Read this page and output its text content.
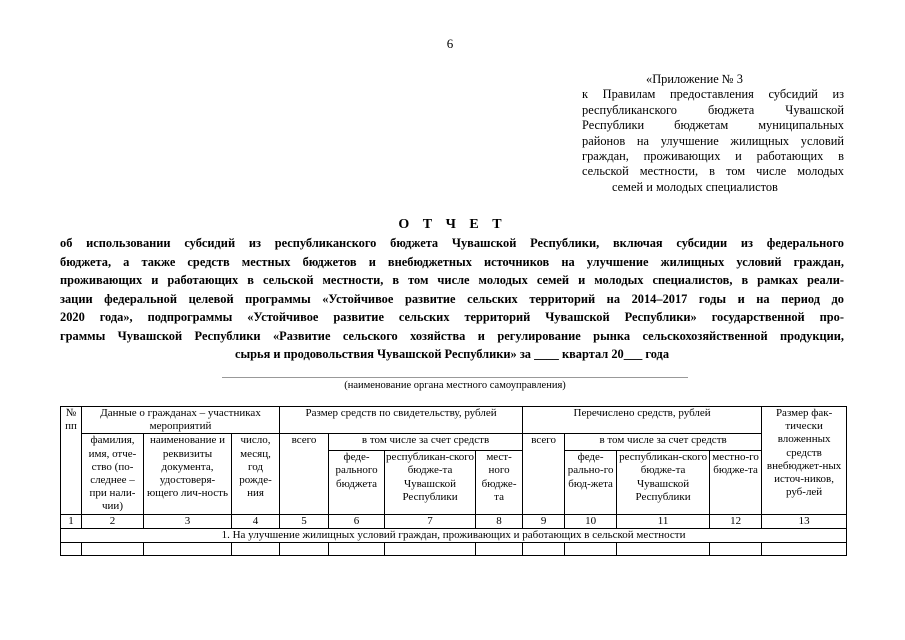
6
«Приложение № 3
к Правилам предоставления субсидий из
республиканского бюджета Чувашской
Республики бюджетам муниципальных
районов на улучшение жилищных условий
граждан, проживающих и работающих в
сельской местности, в том числе молодых
семей и молодых специалистов
О Т Ч Е Т
об использовании субсидий из республиканского бюджета Чувашской Республики, включая субсидии из федерального
бюджета, а также средств местных бюджетов и внебюджетных источников на улучшение жилищных условий граждан,
проживающих и работающих в сельской местности, в том числе молодых семей и молодых специалистов, в рамках реали-
зации федеральной целевой программы «Устойчивое развитие сельских территорий на 2014–2017 годы и на период до
2020 года», подпрограммы «Устойчивое развитие сельских территорий Чувашской Республики» государственной про-
граммы Чувашской Республики «Развитие сельского хозяйства и регулирование рынка сельскохозяйственной продукции,
сырья и продовольствия Чувашской Республики» за ____ квартал 20___ года
(наименование органа местного самоуправления)
№ пп	Данные о гражданах – участниках мероприятий			Размер средств по свидетельству, рублей				Перечислено средств, рублей				Размер фак-тически вложенных средств внебюджет-ных источ-ников, руб-лей
	фамилия, имя, отче-ство (по-следнее – при нали-чии)	наименование и реквизиты документа, удостоверя-ющего лич-ность	число, месяц, год рожде-ния	всего	в том числе за счет средств			всего	в том числе за счет средств			
					феде-рального бюджета	республикан-ского бюдже-та Чувашской Республики	мест-ного бюдже-та		феде-рально-го бюд-жета	республикан-ского бюдже-та Чувашской Республики	местно-го бюдже-та	
1	2	3	4	5	6	7	8	9	10	11	12	13
1. На улучшение жилищных условий граждан, проживающих и работающих в сельской местности												
